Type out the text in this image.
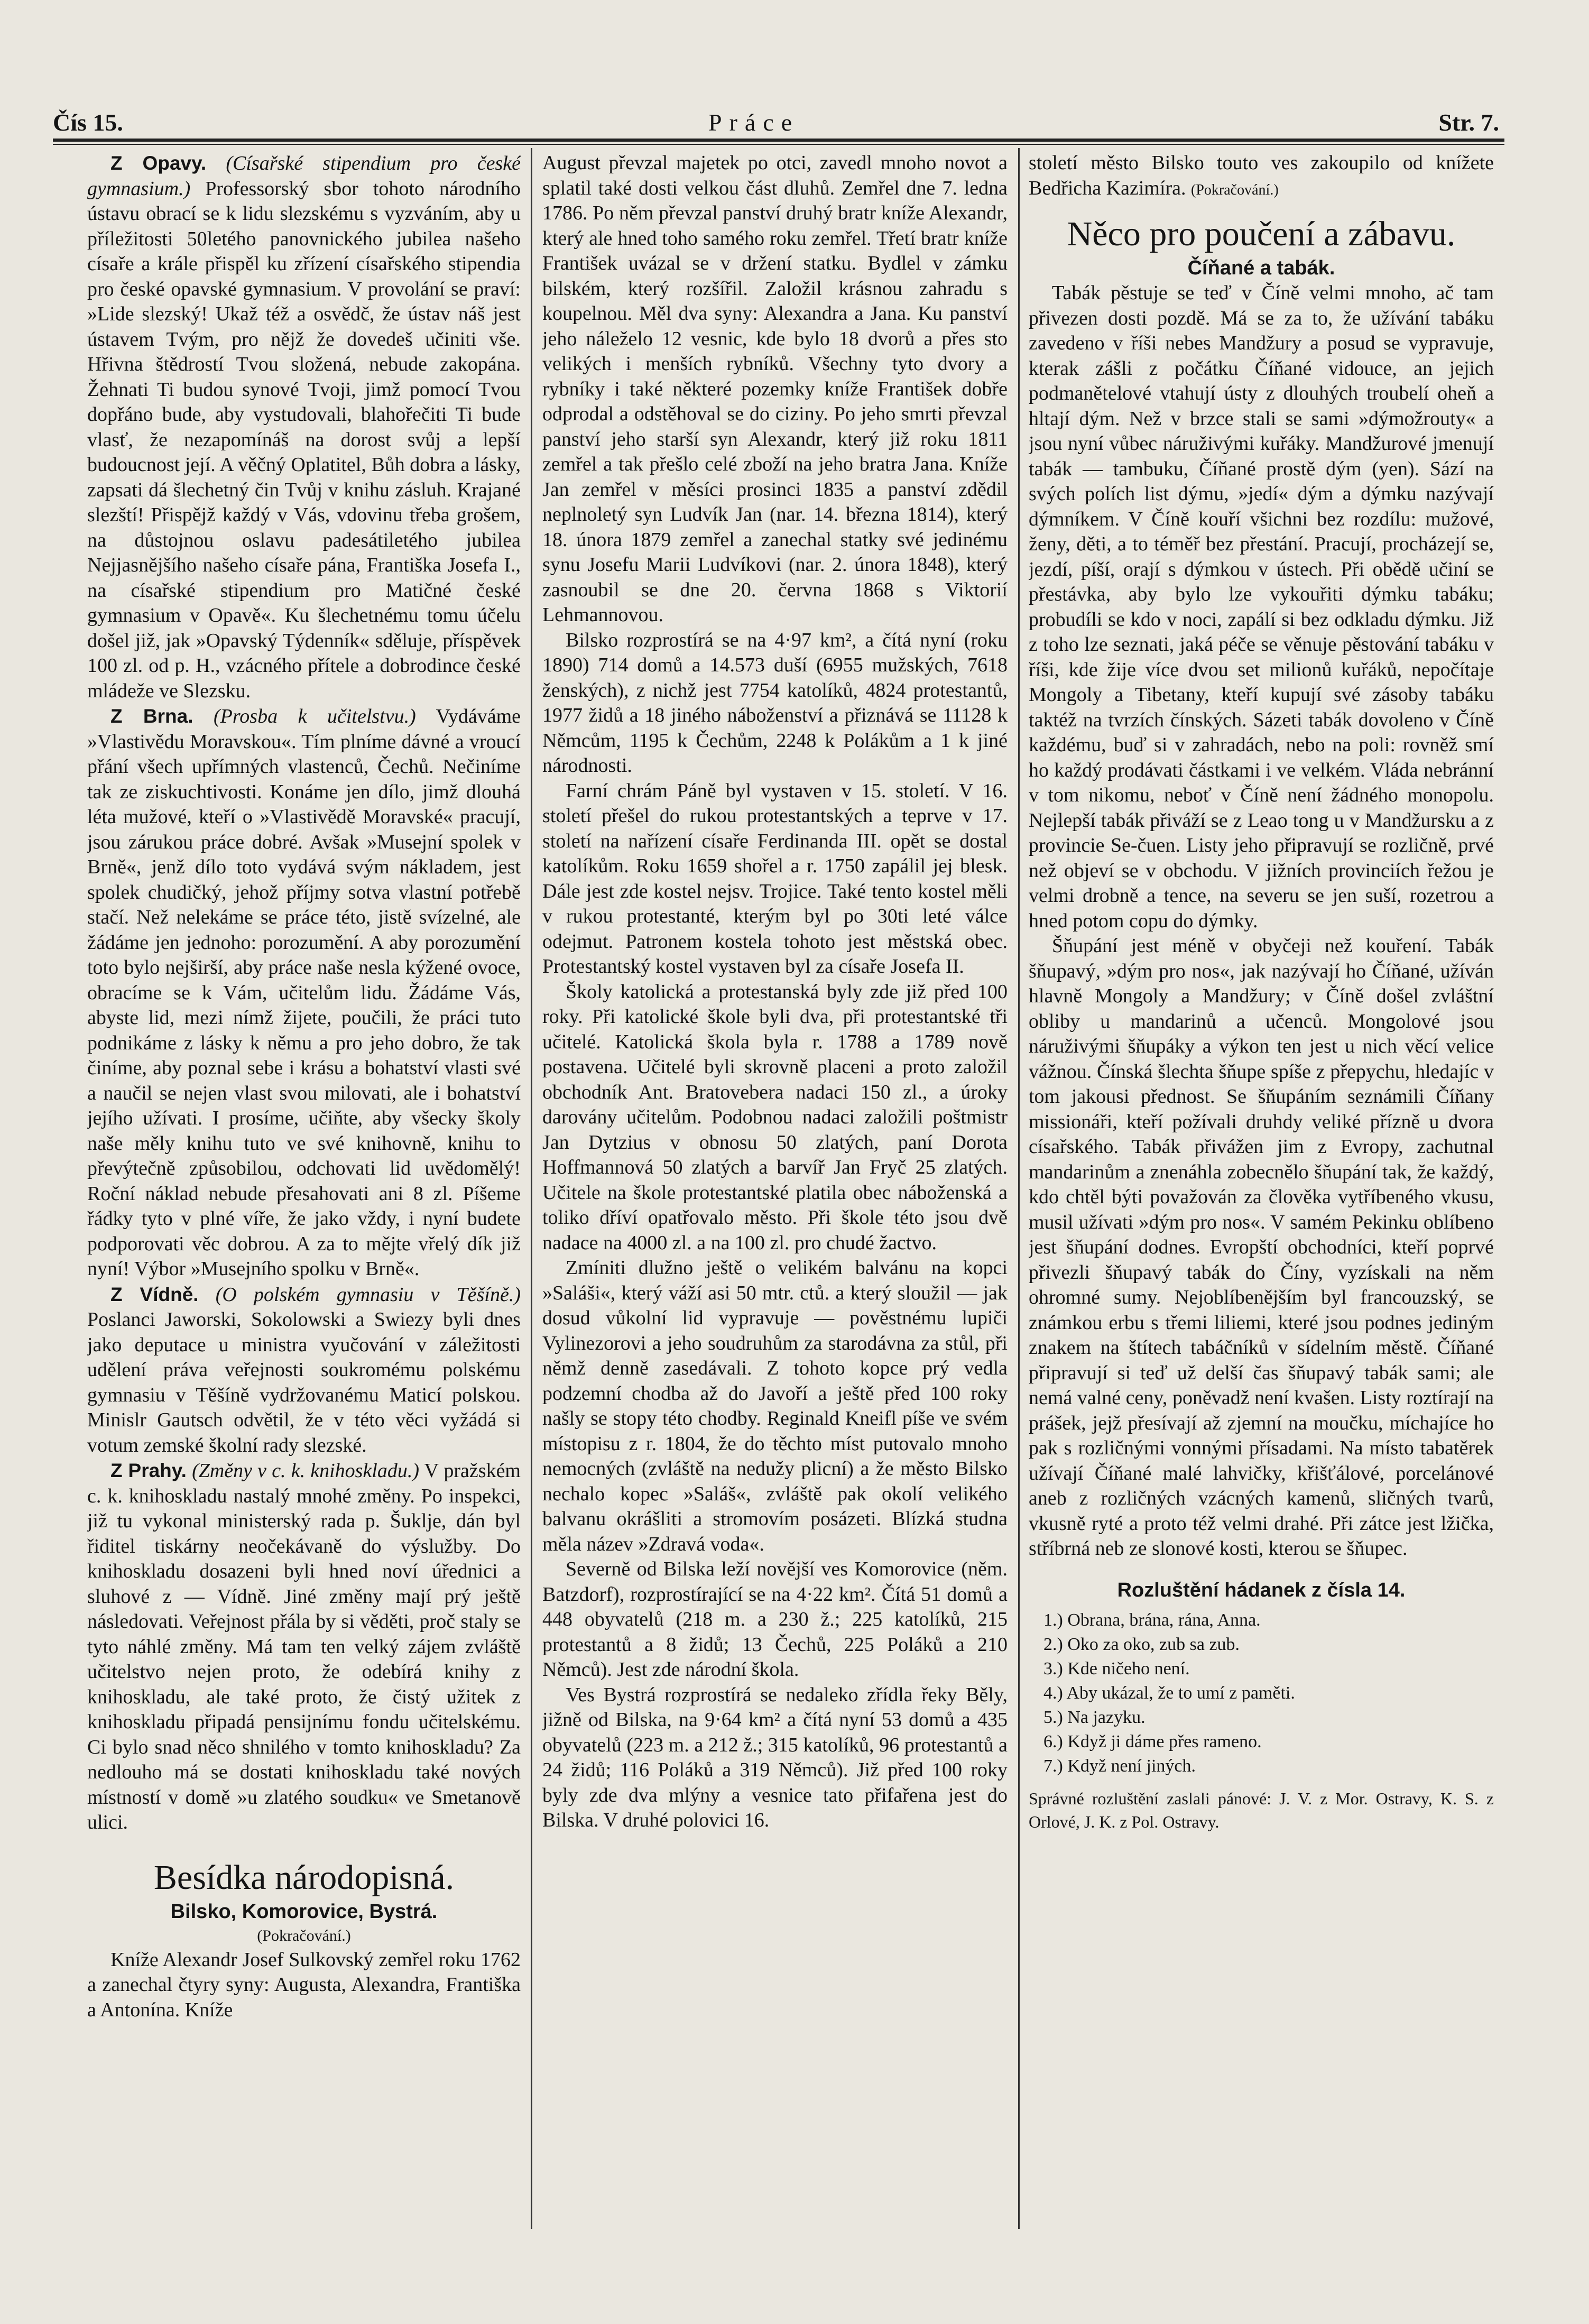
Čís 15.	Práce	Str. 7.

Z Opavy. (Císařské stipendium pro české gymnasium.) Professorský sbor tohoto národního ústavu obrací se k lidu slezskému s vyzváním, aby u příležitosti 50letého panovnického jubilea našeho císaře a krále přispěl ku zřízení císařského stipendia pro české opavské gymnasium. V provolání se praví: »Lide slezský! Ukaž též a osvědč, že ústav náš jest ústavem Tvým, pro nějž že dovedeš učiniti vše. Hřivna štědrostí Tvou složená, nebude zakopána. Žehnati Ti budou synové Tvoji, jimž pomocí Tvou dopřáno bude, aby vystudovali, blahořečiti Ti bude vlasť, že nezapomínáš na dorost svůj a lepší budoucnost její. A věčný Oplatitel, Bůh dobra a lásky, zapsati dá šlechetný čin Tvůj v knihu zásluh. Krajané slezští! Přispějž každý v Vás, vdovinu třeba grošem, na důstojnou oslavu padesátiletého jubilea Nejjasnějšího našeho císaře pána, Františka Josefa I., na císařské stipendium pro Matičné české gymnasium v Opavě«. Ku šlechetnému tomu účelu došel již, jak »Opavský Týdenník« sděluje, příspěvek 100 zl. od p. H., vzácného přítele a dobrodince české mládeže ve Slezsku.

Z Brna. (Prosba k učitelstvu.) Vydáváme »Vlastivědu Moravskou«. Tím plníme dávné a vroucí přání všech upřímných vlastenců, Čechů. Nečiníme tak ze ziskuchtivosti. Konáme jen dílo, jimž dlouhá léta mužové, kteří o »Vlastivědě Moravské« pracují, jsou zárukou práce dobré. Avšak »Musejní spolek v Brně«, jenž dílo toto vydává svým nákladem, jest spolek chudičký, jehož příjmy sotva vlastní potřebě stačí. Než nelekáme se práce této, jistě svízelné, ale žádáme jen jednoho: porozumění. A aby porozumění toto bylo nejširší, aby práce naše nesla kýžené ovoce, obracíme se k Vám, učitelům lidu. Žádáme Vás, abyste lid, mezi nímž žijete, poučili, že práci tuto podnikáme z lásky k němu a pro jeho dobro, že tak činíme, aby poznal sebe i krásu a bohatství vlasti své a naučil se nejen vlast svou milovati, ale i bohatství jejího užívati. I prosíme, učiňte, aby všecky školy naše měly knihu tuto ve své knihovně, knihu to převýtečně způsobilou, odchovati lid uvědomělý! Roční náklad nebude přesahovati ani 8 zl. Píšeme řádky tyto v plné víře, že jako vždy, i nyní budete podporovati věc dobrou. A za to mějte vřelý dík již nyní! Výbor »Musejního spolku v Brně«.

Z Vídně. (O polském gymnasiu v Těšíně.) Poslanci Jaworski, Sokolowski a Swiezy byli dnes jako deputace u ministra vyučování v záležitosti udělení práva veřejnosti soukromému polskému gymnasiu v Těšíně vydržovanému Maticí polskou. Minislr Gautsch odvětil, že v této věci vyžádá si votum zemské školní rady slezské.

Z Prahy. (Změny v c. k. knihoskladu.) V pražském c. k. knihoskladu nastalý mnohé změny. Po inspekci, již tu vykonal ministerský rada p. Šuklje, dán byl řiditel tiskárny neočekávaně do výslužby. Do knihoskladu dosazeni byli hned noví úřednici a sluhové z — Vídně. Jiné změny mají prý ještě následovati. Veřejnost přála by si věděti, proč staly se tyto náhlé změny. Má tam ten velký zájem zvláště učitelstvo nejen proto, že odebírá knihy z knihoskladu, ale také proto, že čistý užitek z knihoskladu připadá pensijnímu fondu učitelskému. Ci bylo snad něco shnilého v tomto knihoskladu? Za nedlouho má se dostati knihoskladu také nových místností v domě »u zlatého soudku« ve Smetanově ulici.

Besídka národopisná.
Bilsko, Komorovice, Bystrá.
(Pokračování.)

Kníže Alexandr Josef Sulkovský zemřel roku 1762 a zanechal čtyry syny: Augusta, Alexandra, Františka a Antonína. Kníže

August převzal majetek po otci, zavedl mnoho novot a splatil také dosti velkou část dluhů. Zemřel dne 7. ledna 1786. Po něm převzal panství druhý bratr kníže Alexandr, který ale hned toho samého roku zemřel. Třetí bratr kníže František uvázal se v držení statku. Bydlel v zámku bilském, který rozšířil. Založil krásnou zahradu s koupelnou. Měl dva syny: Alexandra a Jana. Ku panství jeho náleželo 12 vesnic, kde bylo 18 dvorů a přes sto velikých i menších rybníků. Všechny tyto dvory a rybníky i také některé pozemky kníže František dobře odprodal a odstěhoval se do ciziny. Po jeho smrti převzal panství jeho starší syn Alexandr, který již roku 1811 zemřel a tak přešlo celé zboží na jeho bratra Jana. Kníže Jan zemřel v měsíci prosinci 1835 a panství zdědil neplnoletý syn Ludvík Jan (nar. 14. března 1814), který 18. února 1879 zemřel a zanechal statky své jedinému synu Josefu Marii Ludvíkovi (nar. 2. února 1848), který zasnoubil se dne 20. června 1868 s Viktorií Lehmannovou.

Bilsko rozprostírá se na 4·97 km², a čítá nyní (roku 1890) 714 domů a 14.573 duší (6955 mužských, 7618 ženských), z nichž jest 7754 katolíků, 4824 protestantů, 1977 židů a 18 jiného náboženství a přiznává se 11128 k Němcům, 1195 k Čechům, 2248 k Polákům a 1 k jiné národnosti.

Farní chrám Páně byl vystaven v 15. století. V 16. století přešel do rukou protestantských a teprve v 17. století na nařízení císaře Ferdinanda III. opět se dostal katolíkům. Roku 1659 shořel a r. 1750 zapálil jej blesk. Dále jest zde kostel nejsv. Trojice. Také tento kostel měli v rukou protestanté, kterým byl po 30ti leté válce odejmut. Patronem kostela tohoto jest městská obec. Protestantský kostel vystaven byl za císaře Josefa II.

Školy katolická a protestanská byly zde již před 100 roky. Při katolické škole byli dva, při protestantské tři učitelé. Katolická škola byla r. 1788 a 1789 nově postavena. Učitelé byli skrovně placeni a proto založil obchodník Ant. Bratovebera nadaci 150 zl., a úroky darovány učitelům. Podobnou nadaci založili poštmistr Jan Dytzius v obnosu 50 zlatých, paní Dorota Hoffmannová 50 zlatých a barvíř Jan Fryč 25 zlatých. Učitele na škole protestantské platila obec náboženská a toliko dříví opatřovalo město. Při škole této jsou dvě nadace na 4000 zl. a na 100 zl. pro chudé žactvo.

Zmíniti dlužno ještě o velikém balvánu na kopci »Saláši«, který váží asi 50 mtr. ctů. a který sloužil — jak dosud vůkolní lid vypravuje — pověstnému lupiči Vylinezorovi a jeho soudruhům za starodávna za stůl, při němž denně zasedávali. Z tohoto kopce prý vedla podzemní chodba až do Javoří a ještě před 100 roky našly se stopy této chodby. Reginald Kneifl píše ve svém místopisu z r. 1804, že do těchto míst putovalo mnoho nemocných (zvláště na nedužy plicní) a že město Bilsko nechalo kopec »Saláš«, zvláště pak okolí velikého balvanu okrášliti a stromovím posázeti. Blízká studna měla název »Zdravá voda«.

Severně od Bilska leží novější ves Komorovice (něm. Batzdorf), rozprostírající se na 4·22 km². Čítá 51 domů a 448 obyvatelů (218 m. a 230 ž.; 225 katolíků, 215 protestantů a 8 židů; 13 Čechů, 225 Poláků a 210 Němců). Jest zde národní škola.

Ves Bystrá rozprostírá se nedaleko zřídla řeky Běly, jižně od Bilska, na 9·64 km² a čítá nyní 53 domů a 435 obyvatelů (223 m. a 212 ž.; 315 katolíků, 96 protestantů a 24 židů; 116 Poláků a 319 Němců). Již před 100 roky byly zde dva mlýny a vesnice tato přifařena jest do Bilska. V druhé polovici 16.

století město Bilsko touto ves zakoupilo od knížete Bedřicha Kazimíra. (Pokračování.)

Něco pro poučení a zábavu.
Číňané a tabák.

Tabák pěstuje se teď v Číně velmi mnoho, ač tam přivezen dosti pozdě. Má se za to, že užívání tabáku zavedeno v říši nebes Mandžury a posud se vypravuje, kterak zášli z počátku Číňané vidouce, an jejich podmanětelové vtahují ústy z dlouhých troubelí oheň a hltají dým. Než v brzce stali se sami »dýmožrouty« a jsou nyní vůbec náruživými kuřáky. Mandžurové jmenují tabák — tambuku, Číňané prostě dým (yen). Sází na svých polích list dýmu, »jedí« dým a dýmku nazývají dýmníkem. V Číně kouří všichni bez rozdílu: mužové, ženy, děti, a to téměř bez přestání. Pracují, procházejí se, jezdí, píší, orají s dýmkou v ústech. Při obědě učiní se přestávka, aby bylo lze vykouřiti dýmku tabáku; probudíli se kdo v noci, zapálí si bez odkladu dýmku. Již z toho lze seznati, jaká péče se věnuje pěstování tabáku v říši, kde žije více dvou set milionů kuřáků, nepočítaje Mongoly a Tibetany, kteří kupují své zásoby tabáku taktéž na tvrzích čínských. Sázeti tabák dovoleno v Číně každému, buď si v zahradách, nebo na poli: rovněž smí ho každý prodávati částkami i ve velkém. Vláda nebránní v tom nikomu, neboť v Číně není žádného monopolu. Nejlepší tabák přiváží se z Leao tong u v Mandžursku a z provincie Se-čuen. Listy jeho připravují se rozličně, prvé než objeví se v obchodu. V jižních provinciích řežou je velmi drobně a tence, na severu se jen suší, rozetrou a hned potom copu do dýmky.

Šňupání jest méně v obyčeji než kouření. Tabák šňupavý, »dým pro nos«, jak nazývají ho Číňané, užíván hlavně Mongoly a Mandžury; v Číně došel zvláštní obliby u mandarinů a učenců. Mongolové jsou náruživými šňupáky a výkon ten jest u nich věcí velice vážnou. Čínská šlechta šňupe spíše z přepychu, hledajíc v tom jakousi přednost. Se šňupáním seznámili Číňany missionáři, kteří požívali druhdy veliké přízně u dvora císařského. Tabák přivážen jim z Evropy, zachutnal mandarinům a znenáhla zobecnělo šňupání tak, že každý, kdo chtěl býti považován za člověka vytříbeného vkusu, musil užívati »dým pro nos«. V samém Pekinku oblíbeno jest šňupání dodnes. Evropští obchodníci, kteří poprvé přivezli šňupavý tabák do Číny, vyzískali na něm ohromné sumy. Nejoblíbenějším byl francouzský, se známkou erbu s třemi liliemi, které jsou podnes jediným znakem na štítech tabáčníků v sídelním městě. Číňané připravují si teď už delší čas šňupavý tabák sami; ale nemá valné ceny, poněvadž není kvašen. Listy roztírají na prášek, jejž přesívají až zjemní na moučku, míchajíce ho pak s rozličnými vonnými přísadami. Na místo tabatěrek užívají Číňané malé lahvičky, křišťálové, porcelánové aneb z rozličných vzácných kamenů, sličných tvarů, vkusně ryté a proto též velmi drahé. Při zátce jest lžička, stříbrná neb ze slonové kosti, kterou se šňupec.

Rozluštění hádanek z čísla 14.
1.) Obrana, brána, rána, Anna.
2.) Oko za oko, zub sa zub.
3.) Kde ničeho není.
4.) Aby ukázal, že to umí z paměti.
5.) Na jazyku.
6.) Když ji dáme přes rameno.
7.) Když není jiných.

Správné rozluštění zaslali pánové: J. V. z Mor. Ostravy, K. S. z Orlové, J. K. z Pol. Ostravy.
